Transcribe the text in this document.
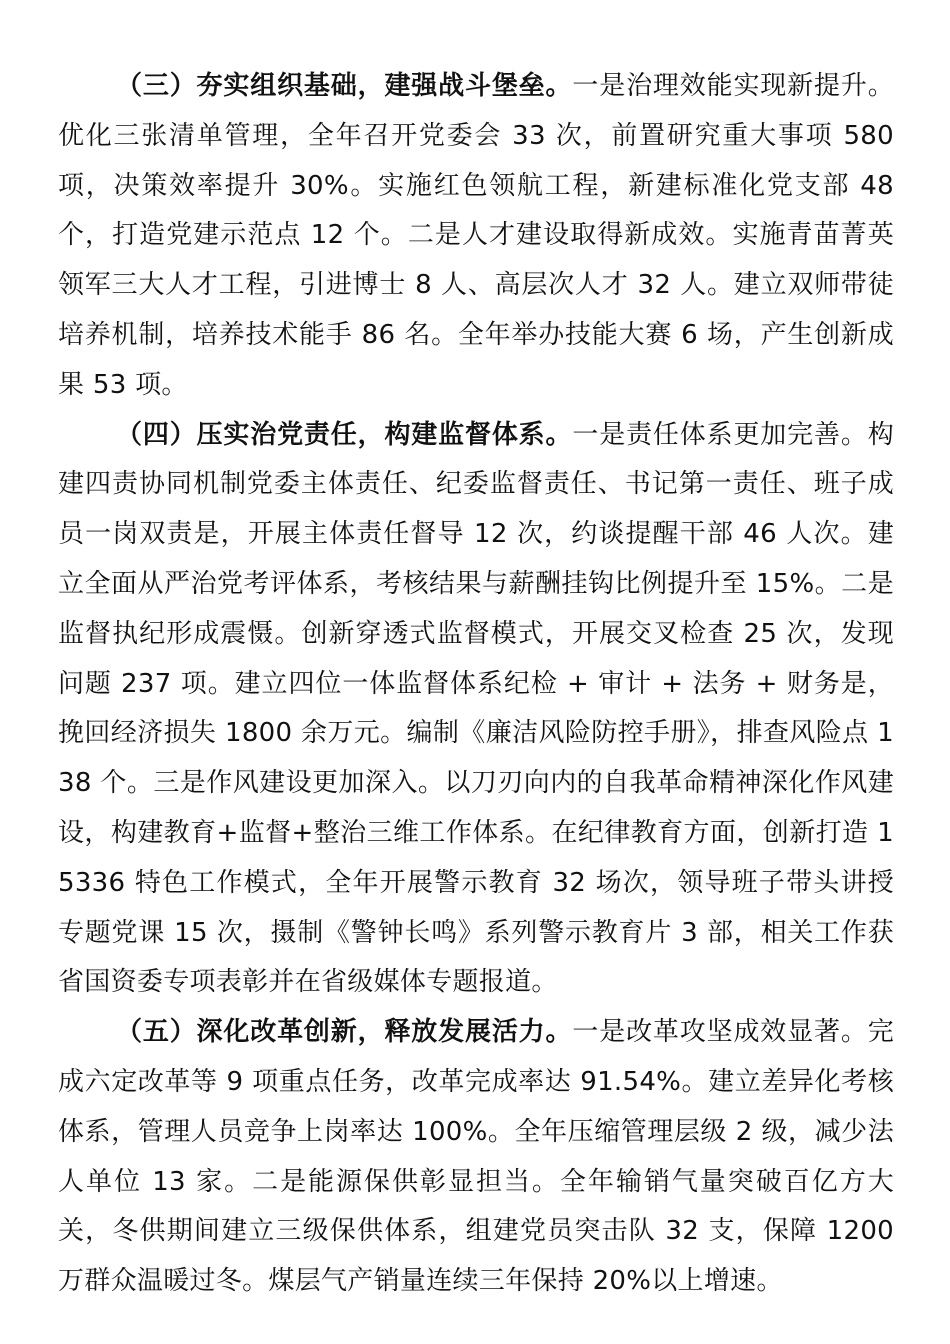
（三）夯实组织基础，建强战斗堡垒。一是治理效能实现新提升。优化三张清单管理，全年召开党委会 33 次，前置研究重大事项 580 项，决策效率提升 30%。实施红色领航工程，新建标准化党支部 48 个，打造党建示范点 12 个。二是人才建设取得新成效。实施青苗菁英领军三大人才工程，引进博士 8 人、高层次人才 32 人。建立双师带徒培养机制，培养技术能手 86 名。全年举办技能大赛 6 场，产生创新成果 53 项。

（四）压实治党责任，构建监督体系。一是责任体系更加完善。构建四责协同机制党委主体责任、纪委监督责任、书记第一责任、班子成员一岗双责是，开展主体责任督导 12 次，约谈提醒干部 46 人次。建立全面从严治党考评体系，考核结果与薪酬挂钩比例提升至 15%。二是监督执纪形成震慑。创新穿透式监督模式，开展交叉检查 25 次，发现问题 237 项。建立四位一体监督体系纪检 + 审计 + 法务 + 财务是，挽回经济损失 1800 余万元。编制《廉洁风险防控手册》，排查风险点 138 个。三是作风建设更加深入。以刀刃向内的自我革命精神深化作风建设，构建教育+监督+整治三维工作体系。在纪律教育方面，创新打造 15336 特色工作模式，全年开展警示教育 32 场次，领导班子带头讲授专题党课 15 次，摄制《警钟长鸣》系列警示教育片 3 部，相关工作获省国资委专项表彰并在省级媒体专题报道。

（五）深化改革创新，释放发展活力。一是改革攻坚成效显著。完成六定改革等 9 项重点任务，改革完成率达 91.54%。建立差异化考核体系，管理人员竞争上岗率达 100%。全年压缩管理层级 2 级，减少法人单位 13 家。二是能源保供彰显担当。全年输销气量突破百亿方大关，冬供期间建立三级保供体系，组建党员突击队 32 支，保障 1200 万群众温暖过冬。煤层气产销量连续三年保持 20%以上增速。
